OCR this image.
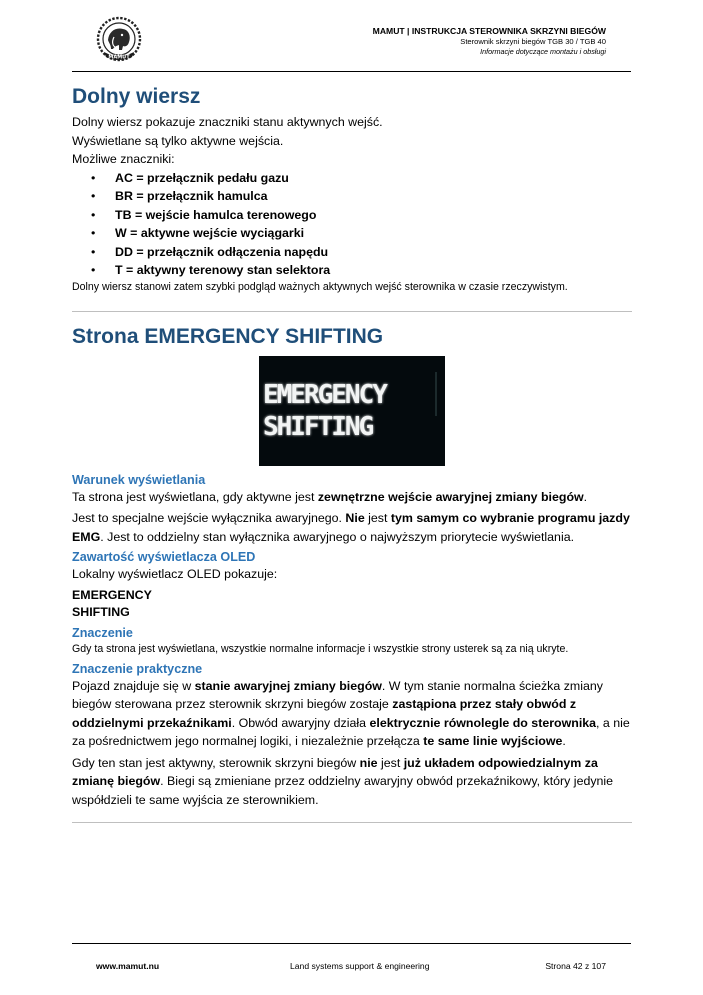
MAMUT
MAMUT | INSTRUKCJA STEROWNIKA SKRZYNI BIEGÓW
Sterownik skrzyni biegów TGB 30 / TGB 40
Informacje dotyczące montażu i obsługi
Dolny wiersz

Dolny wiersz pokazuje znaczniki stanu aktywnych wejść.

Wyświetlane są tylko aktywne wejścia.

Możliwe znaczniki:

• AC = przełącznik pedału gazu
• BR = przełącznik hamulca
• TB = wejście hamulca terenowego
• W = aktywne wejście wyciągarki
• DD = przełącznik odłączenia napędu
• T = aktywny terenowy stan selektora

Dolny wiersz stanowi zatem szybki podgląd ważnych aktywnych wejść sterownika w czasie rzeczywistym.

Strona EMERGENCY SHIFTING
EMERGENCY
SHIFTING
Warunek wyświetlania

Ta strona jest wyświetlana, gdy aktywne jest zewnętrzne wejście awaryjnej zmiany biegów.

Jest to specjalne wejście wyłącznika awaryjnego. Nie jest tym samym co wybranie programu jazdy EMG. Jest to oddzielny stan wyłącznika awaryjnego o najwyższym priorytecie wyświetlania.

Zawartość wyświetlacza OLED

Lokalny wyświetlacz OLED pokazuje:

EMERGENCY

SHIFTING

Znaczenie

Gdy ta strona jest wyświetlana, wszystkie normalne informacje i wszystkie strony usterek są za nią ukryte.

Znaczenie praktyczne

Pojazd znajduje się w stanie awaryjnej zmiany biegów. W tym stanie normalna ścieżka zmiany biegów sterowana przez sterownik skrzyni biegów zostaje zastąpiona przez stały obwód z oddzielnymi przekaźnikami. Obwód awaryjny działa elektrycznie równolegle do sterownika, a nie za pośrednictwem jego normalnej logiki, i niezależnie przełącza te same linie wyjściowe.

Gdy ten stan jest aktywny, sterownik skrzyni biegów nie jest już układem odpowiedzialnym za zmianę biegów. Biegi są zmieniane przez oddzielny awaryjny obwód przekaźnikowy, który jedynie współdzieli te same wyjścia ze sterownikiem.

www.mamut.nu	Land systems support & engineering	Strona 42 z 107
